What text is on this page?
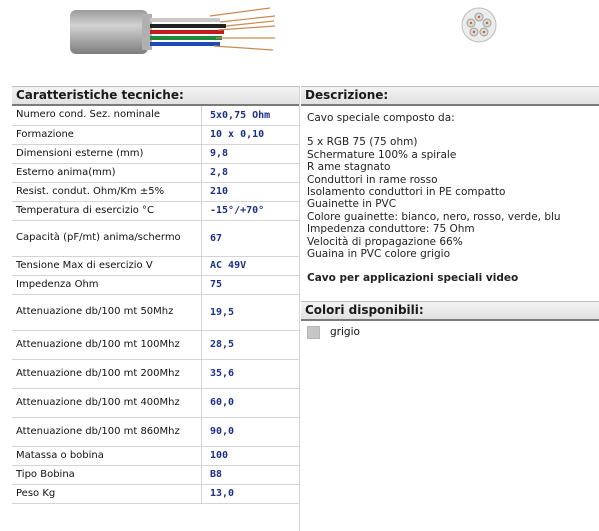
Caratteristiche tecniche:
Numero cond. Sez. nominale	5x0,75 Ohm
Formazione	10 x 0,10
Dimensioni esterne (mm)	9,8
Esterno anima(mm)	2,8
Resist. condut. Ohm/Km ±5%	210
Temperatura di esercizio °C	-15°/+70°
Capacità (pF/mt) anima/schermo	67
Tensione Max di esercizio V	AC 49V
Impedenza Ohm	75
Attenuazione db/100 mt 50Mhz	19,5
Attenuazione db/100 mt 100Mhz	28,5
Attenuazione db/100 mt 200Mhz	35,6
Attenuazione db/100 mt 400Mhz	60,0
Attenuazione db/100 mt 860Mhz	90,0
Matassa o bobina	100
Tipo Bobina	B8
Peso Kg	13,0
Descrizione:
Cavo speciale composto da:
5 x RGB 75 (75 ohm)
Schermature 100% a spirale
R ame stagnato
Conduttori in rame rosso
Isolamento conduttori in PE compatto
Guainette in PVC
Colore guainette: bianco, nero, rosso, verde, blu
Impedenza conduttore: 75 Ohm
Velocità di propagazione 66%
Guaina in PVC colore grigio
Cavo per applicazioni speciali video
Colori disponibili:
grigio
